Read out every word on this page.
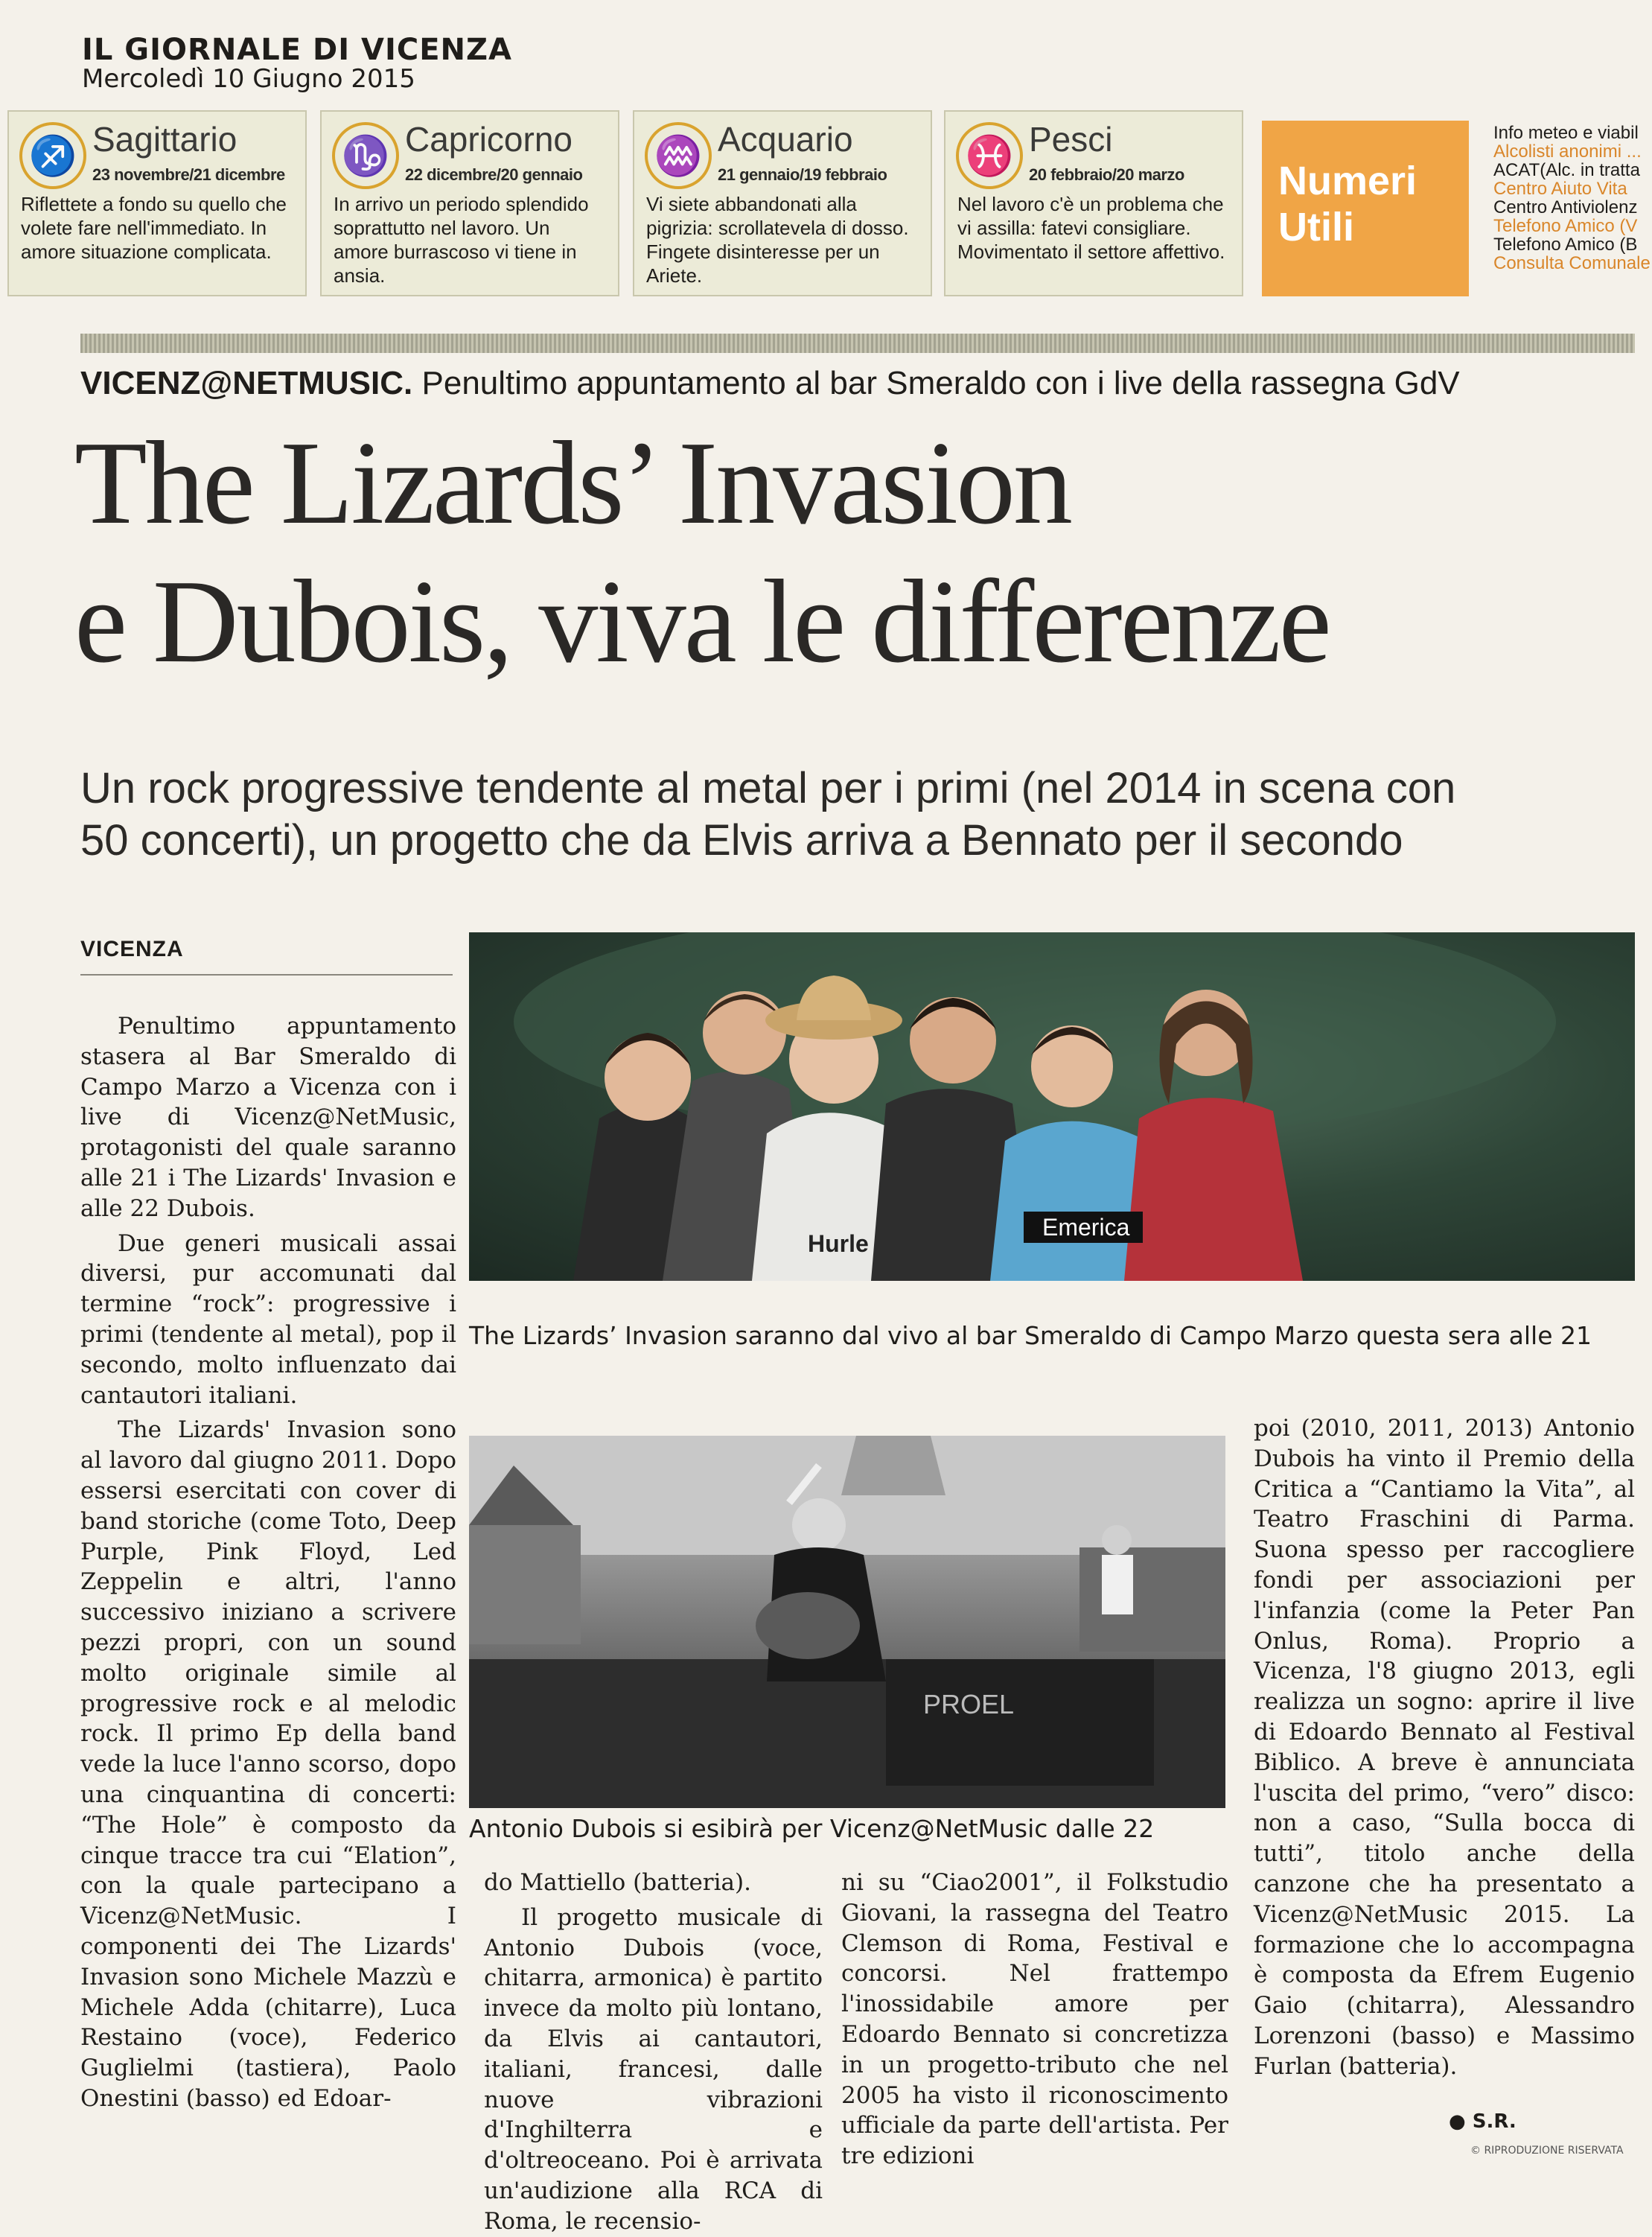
IL GIORNALE DI VICENZA
Mercoledì 10 Giugno 2015
♐ Sagittario
23 novembre/21 dicembre
Riflettete a fondo su quello che volete fare nell'immediato. In amore situazione complicata.
♑ Capricorno
22 dicembre/20 gennaio
In arrivo un periodo splendido soprattutto nel lavoro. Un amore burrascoso vi tiene in ansia.
♒ Acquario
21 gennaio/19 febbraio
Vi siete abbandonati alla pigrizia: scrollatevela di dosso. Fingete disinteresse per un Ariete.
♓ Pesci
20 febbraio/20 marzo
Nel lavoro c'è un problema che vi assilla: fatevi consigliare. Movimentato il settore affettivo.
Numeri
Utili
Info meteo e viabil
Alcolisti anonimi ...
ACAT(Alc. in tratta
Centro Aiuto Vita
Centro Antiviolenz
Telefono Amico (V
Telefono Amico (B
Consulta Comunale
VICENZ@NETMUSIC. Penultimo appuntamento al bar Smeraldo con i live della rassegna GdV
The Lizards’ Invasion
e Dubois, viva le differenze
Un rock progressive tendente al metal per i primi (nel 2014 in scena con
50 concerti), un progetto che da Elvis arriva a Bennato per il secondo
VICENZA
Emerica
Hurle
The Lizards’ Invasion saranno dal vivo al bar Smeraldo di Campo Marzo questa sera alle 21
PROEL
Antonio Dubois si esibirà per Vicenz@NetMusic dalle 22

Penultimo appuntamento stasera al Bar Smeraldo di Campo Marzo a Vicenza con i live di Vicenz@NetMusic, protagonisti del quale saranno alle 21 i The Lizards' Invasion e alle 22 Dubois.

Due generi musicali assai diversi, pur accomunati dal termine “rock”: progressive i primi (tendente al metal), pop il secondo, molto influenzato dai cantautori italiani.

The Lizards' Invasion sono al lavoro dal giugno 2011. Dopo essersi esercitati con cover di band storiche (come Toto, Deep Purple, Pink Floyd, Led Zeppelin e altri, l'anno successivo iniziano a scrivere pezzi propri, con un sound molto originale simile al progressive rock e al melodic rock. Il primo Ep della band vede la luce l'anno scorso, dopo una cinquantina di concerti: “The Hole” è composto da cinque tracce tra cui “Elation”, con la quale partecipano a Vicenz@NetMusic. I componenti dei The Lizards' Invasion sono Michele Mazzù e Michele Adda (chitarre), Luca Restaino (voce), Federico Guglielmi (tastiera), Paolo Onestini (basso) ed Edoar-

do Mattiello (batteria).

Il progetto musicale di Antonio Dubois (voce, chitarra, armonica) è partito invece da molto più lontano, da Elvis ai cantautori, italiani, francesi, dalle nuove vibrazioni d'Inghilterra e d'oltreoceano. Poi è arrivata un'audizione alla RCA di Roma, le recensio-

ni su “Ciao2001”, il Folkstudio Giovani, la rassegna del Teatro Clemson di Roma, Festival e concorsi. Nel frattempo l'inossidabile amore per Edoardo Bennato si concretizza in un progetto-tributo che nel 2005 ha visto il riconoscimento ufficiale da parte dell'artista. Per tre edizioni

poi (2010, 2011, 2013) Antonio Dubois ha vinto il Premio della Critica a “Cantiamo la Vita”, al Teatro Fraschini di Parma. Suona spesso per raccogliere fondi per associazioni per l'infanzia (come la Peter Pan Onlus, Roma). Proprio a Vicenza, l'8 giugno 2013, egli realizza un sogno: aprire il live di Edoardo Bennato al Festival Biblico. A breve è annunciata l'uscita del primo, “vero” disco: non a caso, “Sulla bocca di tutti”, titolo anche della canzone che ha presentato a Vicenz@NetMusic 2015. La formazione che lo accompagna è composta da Efrem Eugenio Gaio (chitarra), Alessandro Lorenzoni (basso) e Massimo Furlan (batteria).

● S.R.
© RIPRODUZIONE RISERVATA
